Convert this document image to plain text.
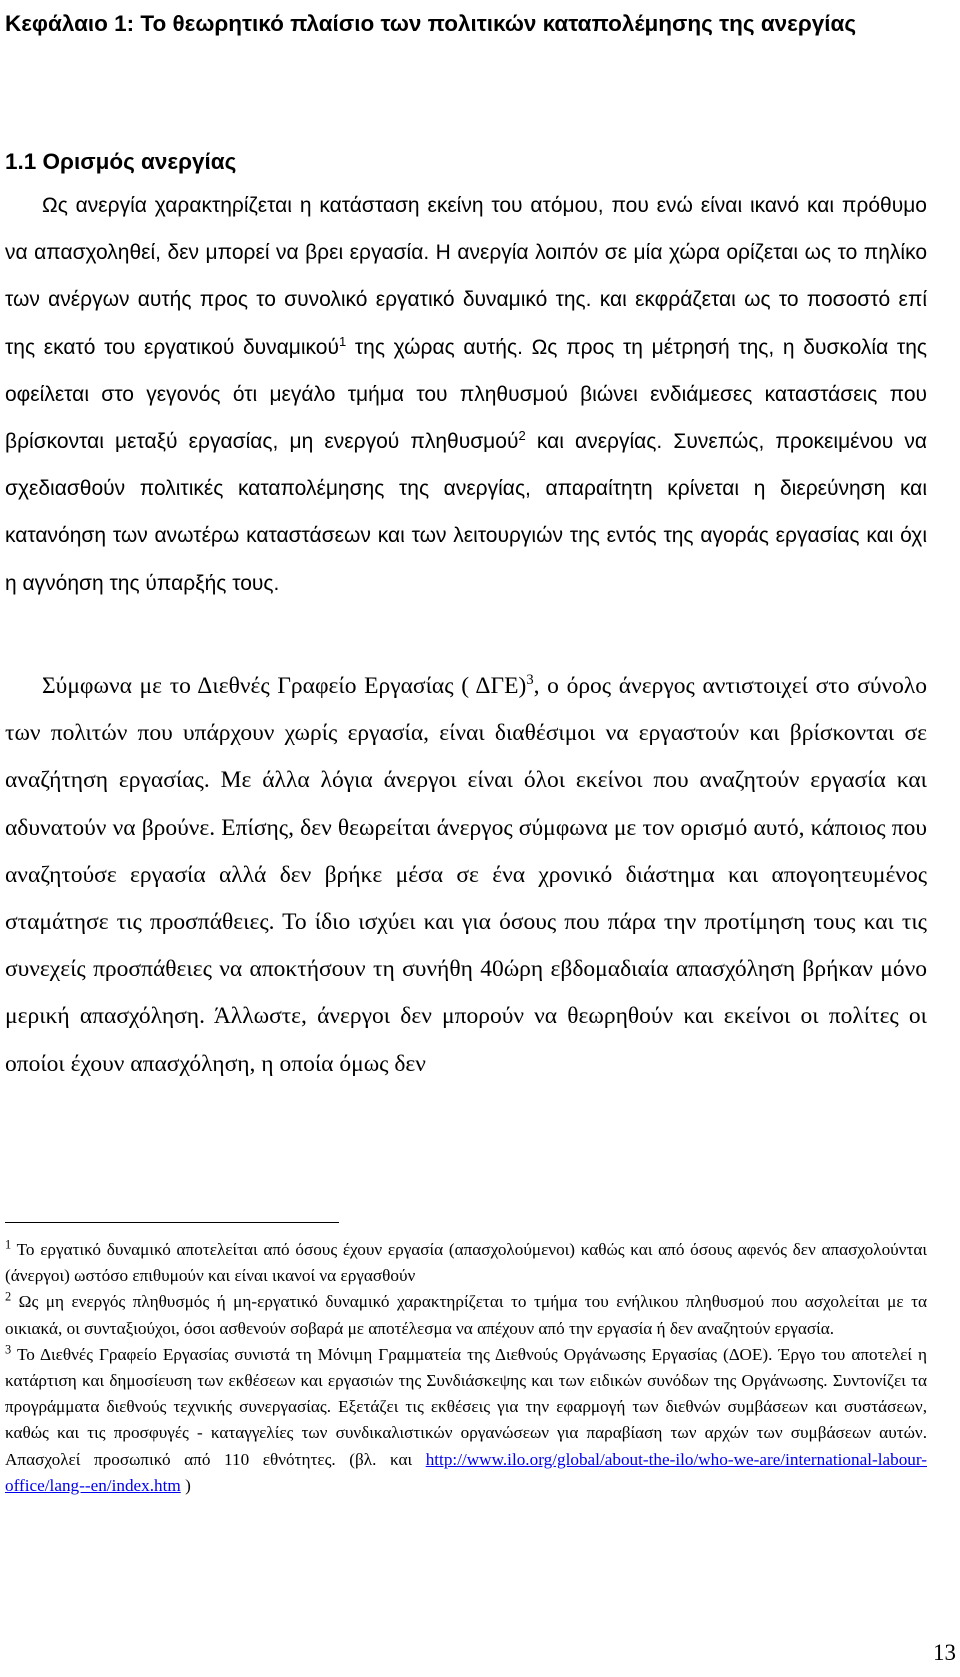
Κεφάλαιο 1: Το θεωρητικό πλαίσιο των πολιτικών καταπολέμησης της ανεργίας
1.1 Ορισμός ανεργίας

Ως ανεργία χαρακτηρίζεται η κατάσταση εκείνη του ατόμου, που ενώ είναι ικανό και πρόθυμο να απασχοληθεί, δεν μπορεί να βρει εργασία. Η ανεργία λοιπόν σε μία χώρα ορίζεται ως το πηλίκο των ανέργων αυτής προς το συνολικό εργατικό δυναμικό της. και εκφράζεται ως το ποσοστό επί της εκατό του εργατικού δυναμικού$^1$ της χώρας αυτής. Ως προς τη μέτρησή της, η δυσκολία της οφείλεται στο γεγονός ότι μεγάλο τμήμα του πληθυσμού βιώνει ενδιάμεσες καταστάσεις που βρίσκονται μεταξύ εργασίας, μη ενεργού πληθυσμού$^2$ και ανεργίας. Συνεπώς, προκειμένου να σχεδιασθούν πολιτικές καταπολέμησης της ανεργίας, απαραίτητη κρίνεται η διερεύνηση και κατανόηση των ανωτέρω καταστάσεων και των λειτουργιών της εντός της αγοράς εργασίας και όχι η αγνόηση της ύπαρξής τους.

Σύμφωνα με το Διεθνές Γραφείο Εργασίας ( ΔΓΕ)$^3$, ο όρος άνεργος αντιστοιχεί στο σύνολο των πολιτών που υπάρχουν χωρίς εργασία, είναι διαθέσιμοι να εργαστούν και βρίσκονται σε αναζήτηση εργασίας. Με άλλα λόγια άνεργοι είναι όλοι εκείνοι που αναζητούν εργασία και αδυνατούν να βρούνε. Επίσης, δεν θεωρείται άνεργος σύμφωνα με τον ορισμό αυτό, κάποιος που αναζητούσε εργασία αλλά δεν βρήκε μέσα σε ένα χρονικό διάστημα και απογοητευμένος σταμάτησε τις προσπάθειες. Το ίδιο ισχύει και για όσους που πάρα την προτίμηση τους και τις συνεχείς προσπάθειες να αποκτήσουν τη συνήθη 40ώρη εβδομαδιαία απασχόληση βρήκαν μόνο μερική απασχόληση. Άλλωστε, άνεργοι δεν μπορούν να θεωρηθούν και εκείνοι οι πολίτες οι οποίοι έχουν απασχόληση, η οποία όμως δεν

$^1$ Το εργατικό δυναμικό αποτελείται από όσους έχουν εργασία (απασχολούμενοι) καθώς και από όσους αφενός δεν απασχολούνται (άνεργοι) ωστόσο επιθυμούν και είναι ικανοί να εργασθούν

$^2$ Ως μη ενεργός πληθυσμός ή μη-εργατικό δυναμικό χαρακτηρίζεται το τμήμα του ενήλικου πληθυσμού που ασχολείται με τα οικιακά, οι συνταξιούχοι, όσοι ασθενούν σοβαρά με αποτέλεσμα να απέχουν από την εργασία ή δεν αναζητούν εργασία.

$^3$ Το Διεθνές Γραφείο Εργασίας συνιστά τη Μόνιμη Γραμματεία της Διεθνούς Οργάνωσης Εργασίας (ΔΟΕ). Έργο του αποτελεί η κατάρτιση και δημοσίευση των εκθέσεων και εργασιών της Συνδιάσκεψης και των ειδικών συνόδων της Οργάνωσης. Συντονίζει τα προγράμματα διεθνούς τεχνικής συνεργασίας. Εξετάζει τις εκθέσεις για την εφαρμογή των διεθνών συμβάσεων και συστάσεων, καθώς και τις προσφυγές - καταγγελίες των συνδικαλιστικών οργανώσεων για παραβίαση των αρχών των συμβάσεων αυτών. Απασχολεί προσωπικό από 110 εθνότητες. (βλ. και http://www.ilo.org/global/about-the-ilo/who-we-are/international-labour-office/lang--en/index.htm )

13
